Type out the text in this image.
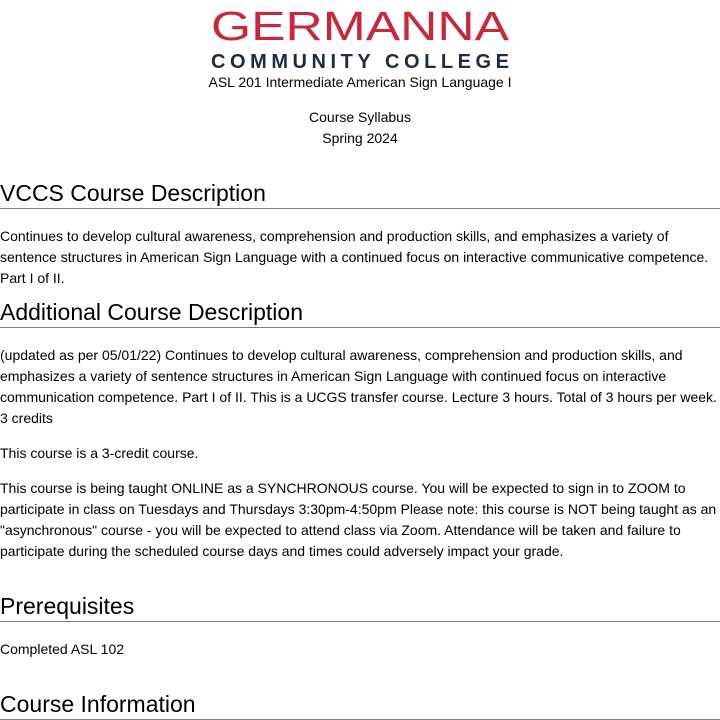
GERMANNA
COMMUNITY COLLEGE
ASL 201 Intermediate American Sign Language I
Course Syllabus
Spring 2024
VCCS Course Description

Continues to develop cultural awareness, comprehension and production skills, and emphasizes a variety of sentence structures in American Sign Language with a continued focus on interactive communicative competence. Part I of II.

Additional Course Description

(updated as per 05/01/22) Continues to develop cultural awareness, comprehension and production skills, and emphasizes a variety of sentence structures in American Sign Language with continued focus on interactive communication competence. Part I of II. This is a UCGS transfer course. Lecture 3 hours. Total of 3 hours per week. 3 credits

This course is a 3-credit course.

This course is being taught ONLINE as a SYNCHRONOUS course. You will be expected to sign in to ZOOM to participate in class on Tuesdays and Thursdays 3:30pm-4:50pm Please note: this course is NOT being taught as an "asynchronous" course - you will be expected to attend class via Zoom. Attendance will be taken and failure to participate during the scheduled course days and times could adversely impact your grade.

Prerequisites

Completed ASL 102

Course Information
